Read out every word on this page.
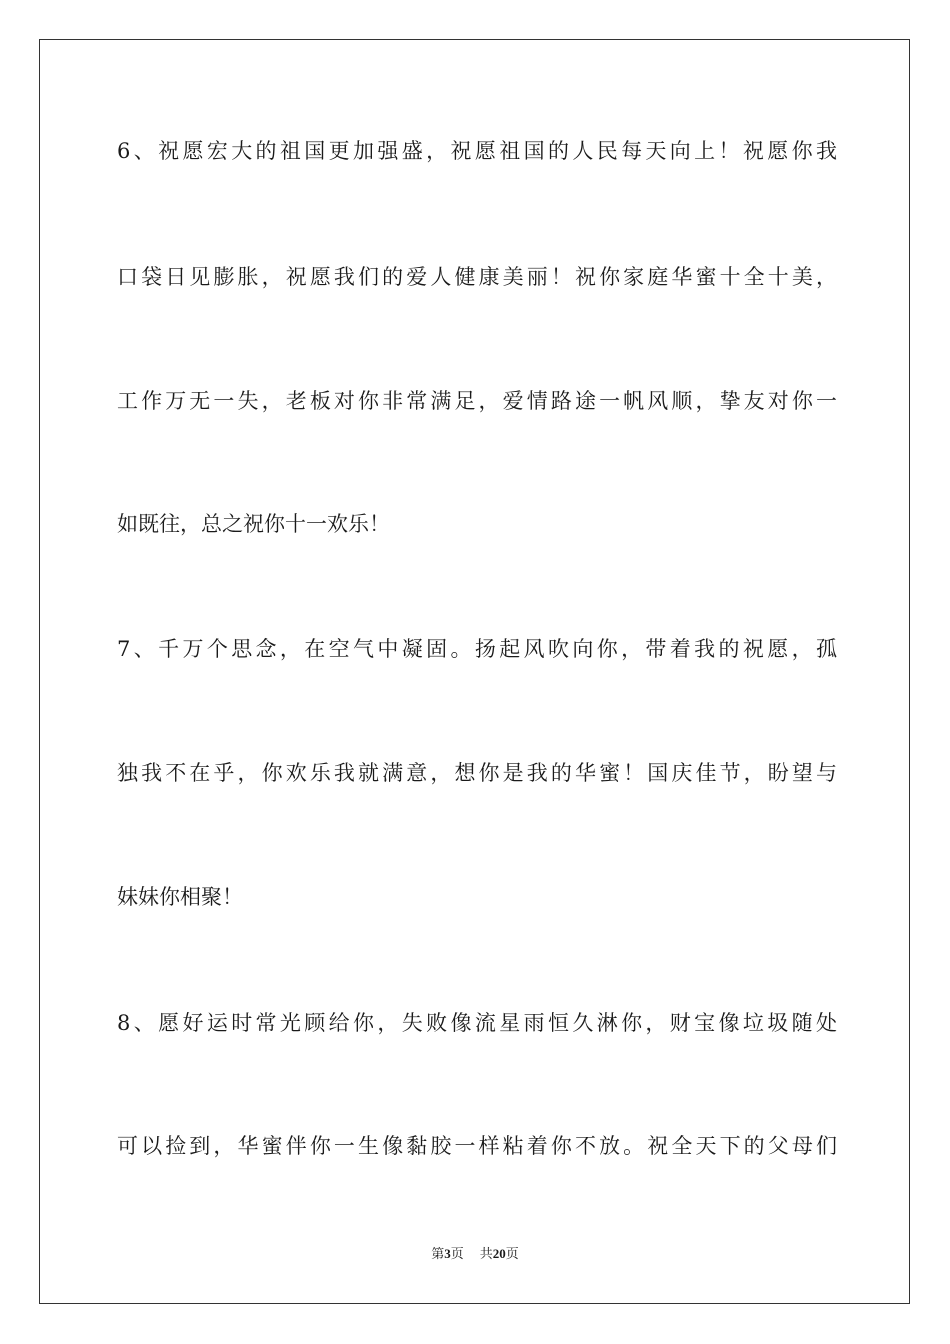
6、祝愿宏大的祖国更加强盛，祝愿祖国的人民每天向上！祝愿你我
口袋日见膨胀，祝愿我们的爱人健康美丽！祝你家庭华蜜十全十美，
工作万无一失，老板对你非常满足，爱情路途一帆风顺，挚友对你一
如既往，总之祝你十一欢乐！
7、千万个思念，在空气中凝固。扬起风吹向你，带着我的祝愿，孤
独我不在乎，你欢乐我就满意，想你是我的华蜜！国庆佳节，盼望与
妹妹你相聚！
8、愿好运时常光顾给你，失败像流星雨恒久淋你，财宝像垃圾随处
可以捡到，华蜜伴你一生像黏胶一样粘着你不放。祝全天下的父母们
第3页 共20页
